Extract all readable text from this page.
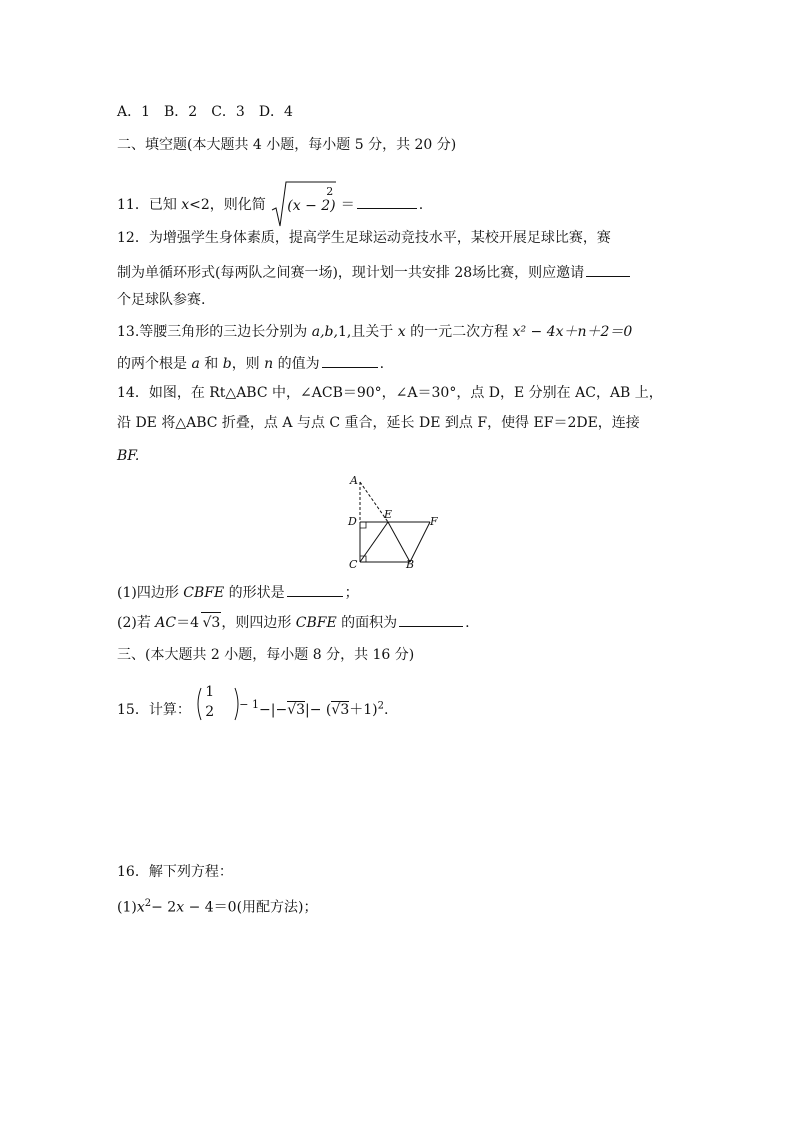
A．1　B．2　C．3　D．4
二、填空题(本大题共 4 小题，每小题 5 分，共 20 分)
11．已知 x<2，则化简 (x − 2)
2
＝	.
12．为增强学生身体素质，提高学生足球运动竞技水平，某校开展足球比赛，赛
制为单循环形式(每两队之间赛一场)，现计划一共安排 28场比赛，则应邀请
个足球队参赛.
13.等腰三角形的三边长分别为 a,b,1,且关于 x 的一元二次方程 x² − 4x＋n＋2＝0
的两个根是 a 和 b，则 n 的值为	.
14．如图，在 Rt△ABC 中，∠ACB＝90°，∠A＝30°，点 D，E 分别在 AC，AB 上，
沿 DE 将△ABC 折叠，点 A 与点 C 重合，延长 DE 到点 F，使得 EF＝2DE，连接
BF.
A
D
E
F
C	B
(1)四边形 CBFE 的形状是	；
(2)若 AC＝4 √3，则四边形 CBFE 的面积为	.
三、(本大题共 2 小题，每小题 8 分，共 16 分)
15．计算：
1
2 $^{- 1}-|-√3|- (√3+1)^2$.
16．解下列方程：
$(1)x^2- 2x - 4=0$(用配方法)；
